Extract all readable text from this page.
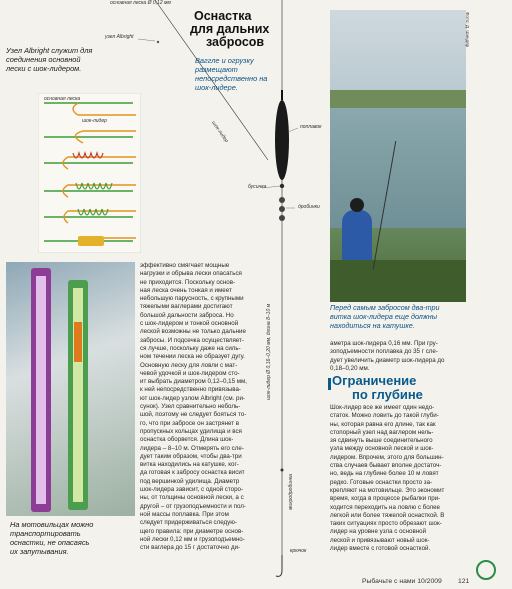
основная леска Ø 0,12 мм
Оснастка
для дальних
забросов
узел Albright
Ваггле и огрузку
размещают
непосредственно на
шок-лидере.
шок-лидер	поплавок
бусинка
дробинки
шок-лидер Ø 0,16–0,20 мм, длина 8–10 м
микродробинка
крючок
Узел Albright служит для
соединения основной
лески с шок-лидером.
основная леска
шок-лидер
На мотовильцах можно
транспортировать
оснастки, не опасаясь
их запутывания.
эффективно смягчает мощные
нагрузки и обрыва лески опасаться
не приходится. Поскольку основ-
ная леска очень тонкая и имеет
небольшую парусность, с крупными
тяжелыми ваглерами достигают
большой дальности заброса. Но
с шок-лидером и тонкой основной
леской возможны не только дальние
забросы. И подсечка осуществляет-
ся лучше, поскольку даже на силь-
ном течении леска не образует дугу.
Основную леску для ловли с мат-
чевой удочкой и шок-лидером сто-
ит выбрать диаметром 0,12–0,15 мм,
к ней непосредственно привязыва-
ют шок-лидер узлом Albright (см. ри-
сунок). Узел сравнительно неболь-
шой, поэтому не следует бояться то-
го, что при забросе он застрянет в
пропускных кольцах удилища и вся
оснастка оборвется. Длина шок-
лидера – 8–10 м. Отмерять его сле-
дует таким образом, чтобы два-три
витка находились на катушке, ког-
да готовая к забросу оснастка висит
под вершинкой удилища. Диаметр
шок-лидера зависит, с одной сторо-
ны, от толщины основной лески, а с
другой – от грузоподъемности и пол-
ной массы поплавка. При этом
следует придерживаться следую-
щего правила: при диаметре основ-
ной лески 0,12 мм и грузоподъемно-
сти ваглера до 15 г достаточно ди-
Фото: Д. Шиндяр
Перед самым забросом два-три
витка шок-лидера еще должны
находиться на катушке.
аметра шок-лидера 0,16 мм. При гру-
зоподъемности поплавка до 35 г сле-
дует увеличить диаметр шок-лидера до
0,18–0,20 мм.
Ограничение
по глубине
Шок-лидер все же имеет один недо-
статок. Можно ловить до такой глуби-
ны, которая равна его длине, так как
стопорный узел над ваглером нель-
зя сдвинуть выше соединительного
узла между основной леской и шок-
лидером. Впрочем, этого для большин-
ства случаев бывает вполне достаточ-
но, ведь на глубине более 10 м ловят
редко. Готовые оснастки просто за-
крепляют на мотовильце. Это экономит
время, когда в процессе рыбалки при-
ходится переходить на ловлю с более
легкой или более тяжелой оснасткой. В
таких ситуациях просто обрезают шок-
лидер на уровне узла с основной
леской и привязывают новый шок-
лидер вместе с готовой оснасткой.
Рыбачьте с нами 10/2009 121
